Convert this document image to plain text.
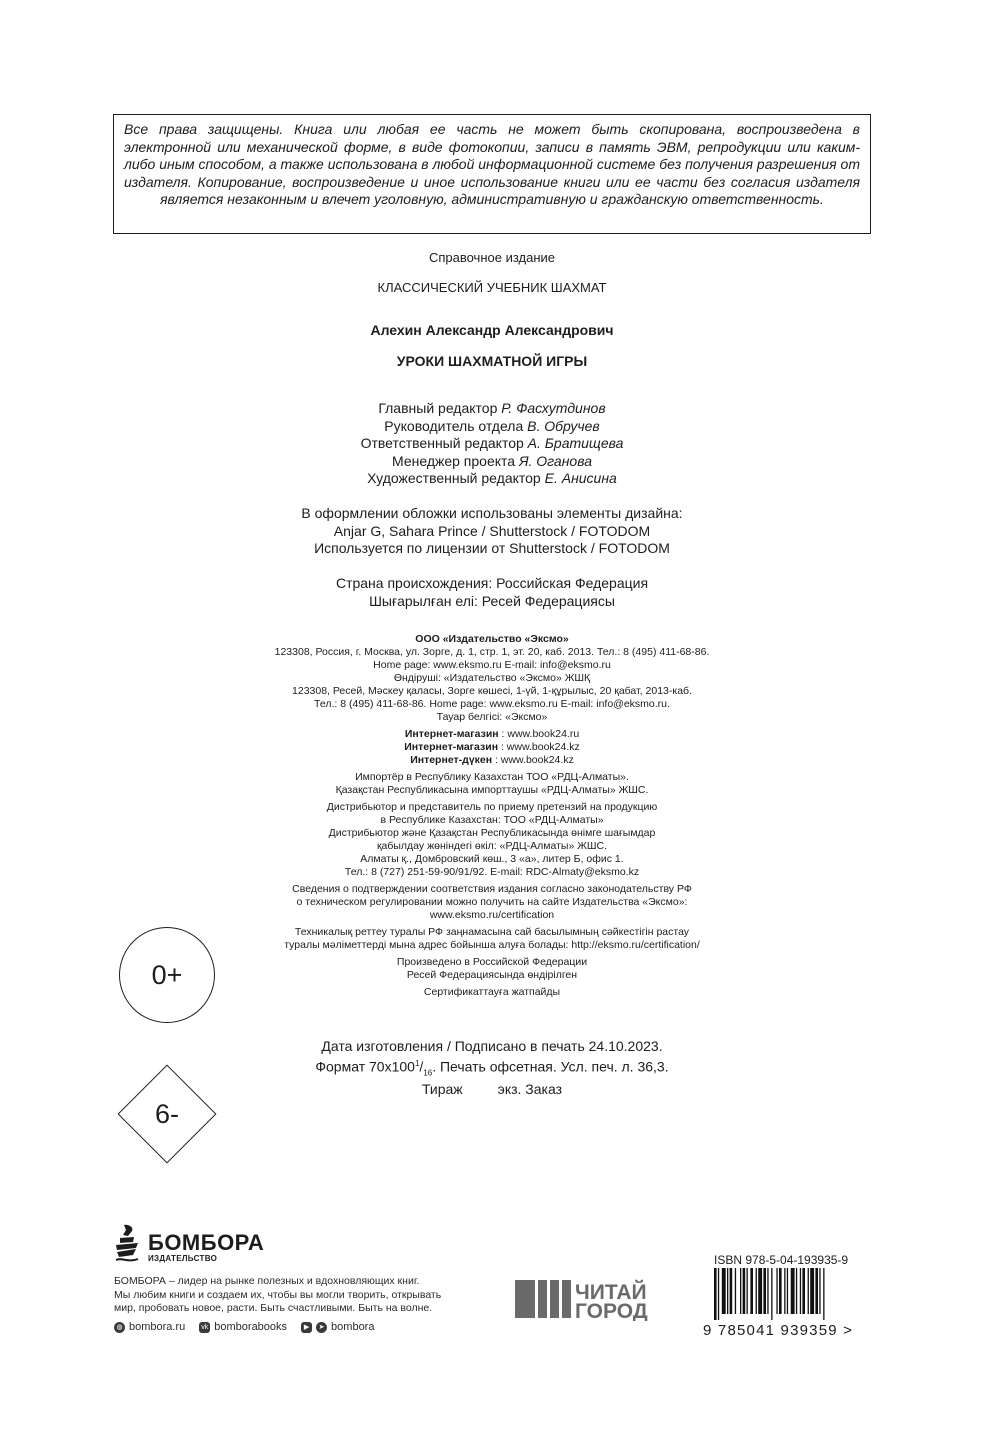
Все права защищены. Книга или любая ее часть не может быть скопирована, воспроизведена в электронной или механической форме, в виде фотокопии, записи в память ЭВМ, репродукции или каким-либо иным способом, а также использована в любой информационной системе без получения разрешения от издателя. Копирование, воспроизведение и иное использование книги или ее части без согласия издателя является незаконным и влечет уголовную, административную и гражданскую ответственность.
Справочное издание
КЛАССИЧЕСКИЙ УЧЕБНИК ШАХМАТ
Алехин Александр Александрович
УРОКИ ШАХМАТНОЙ ИГРЫ
Главный редактор Р. Фасхутдинов
Руководитель отдела В. Обручев
Ответственный редактор А. Братищева
Менеджер проекта Я. Оганова
Художественный редактор Е. Анисина
В оформлении обложки использованы элементы дизайна:
Anjar G, Sahara Prince / Shutterstock / FOTODOM
Используется по лицензии от Shutterstock / FOTODOM
Страна происхождения: Российская Федерация
Шығарылған елі: Ресей Федерациясы
ООО «Издательство «Эксмо»
123308, Россия, г. Москва, ул. Зорге, д. 1, стр. 1, эт. 20, каб. 2013. Тел.: 8 (495) 411-68-86.
Home page: www.eksmo.ru E-mail: info@eksmo.ru
Өндіруші: «Издательство «Эксмо» ЖШҚ
123308, Ресей, Мәскеу қаласы, Зорге көшесі, 1-үй, 1-құрылыс, 20 қабат, 2013-каб.
Тел.: 8 (495) 411-68-86. Home page: www.eksmo.ru E-mail: info@eksmo.ru.
Тауар белгісі: «Эксмо»
Интернет-магазин : www.book24.ru
Интернет-магазин : www.book24.kz
Интернет-дүкен : www.book24.kz
Импортёр в Республику Казахстан ТОО «РДЦ-Алматы».
Қазақстан Республикасына импорттаушы «РДЦ-Алматы» ЖШС.
Дистрибьютор и представитель по приему претензий на продукцию
в Республике Казахстан: ТОО «РДЦ-Алматы»
Дистрибьютор және Қазақстан Республикасында өнімге шағымдар
қабылдау жөніндегі өкіл: «РДЦ-Алматы» ЖШС.
Алматы қ., Домбровский көш., 3 «а», литер Б, офис 1.
Тел.: 8 (727) 251-59-90/91/92. E-mail: RDC-Almaty@eksmo.kz
Сведения о подтверждении соответствия издания согласно законодательству РФ
о техническом регулировании можно получить на сайте Издательства «Эксмо»:
www.eksmo.ru/certification
Техникалық реттеу туралы РФ заңнамасына сай басылымның сәйкестігін растау
туралы мәліметтерді мына адрес бойынша алуға болады: http://eksmo.ru/certification/
Произведено в Российской Федерации
Ресей Федерациясында өндірілген
Сертификаттауға жатпайды
0+
6-
Дата изготовления / Подписано в печать 24.10.2023.
Формат $70x100^1/_{16}$. Печать офсетная. Усл. печ. л. 36,3.
Тираж         экз. Заказ
БОМБОРА
ИЗДАТЕЛЬСТВО
БОМБОРА – лидер на рынке полезных и вдохновляющих книг.
Мы любим книги и создаем их, чтобы вы могли творить, открывать
мир, пробовать новое, расти. Быть счастливыми. Быть на волне.
◍ bombora.ru vk bomborabooks	▶	➤ bombora
ЧИТАЙ
ГОРОД
ISBN 978-5-04-193935-9
9 785041 939359 >
